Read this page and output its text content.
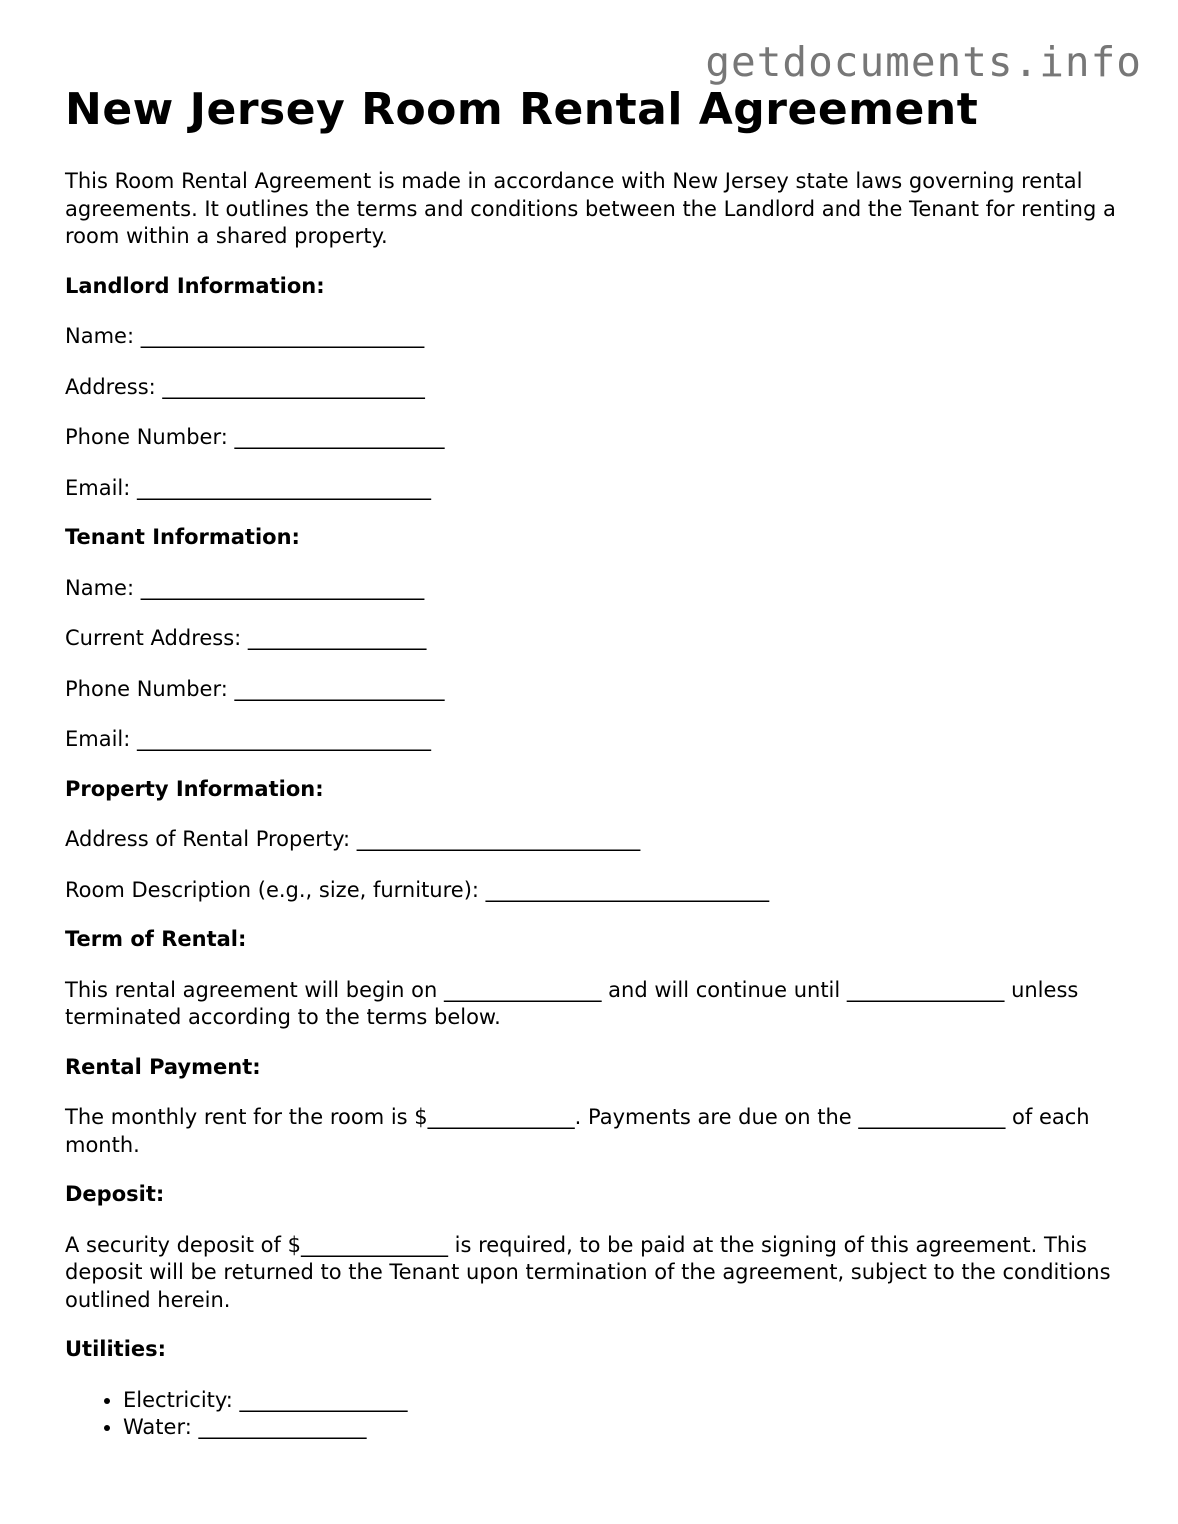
getdocuments.info
New Jersey Room Rental Agreement

This Room Rental Agreement is made in accordance with New Jersey state laws governing rental agreements. It outlines the terms and conditions between the Landlord and the Tenant for renting a room within a shared property.

Landlord Information:
Name: ___________________________
Address: _________________________
Phone Number: ____________________
Email: ____________________________
Tenant Information:
Name: ___________________________
Current Address: _________________
Phone Number: ____________________
Email: ____________________________
Property Information:
Address of Rental Property: ___________________________
Room Description (e.g., size, furniture): ___________________________
Term of Rental:

This rental agreement will begin on _______________ and will continue until _______________ unless terminated according to the terms below.

Rental Payment:

The monthly rent for the room is $______________. Payments are due on the ______________ of each month.

Deposit:

A security deposit of $______________ is required, to be paid at the signing of this agreement. This deposit will be returned to the Tenant upon termination of the agreement, subject to the conditions outlined herein.

Utilities:
• Electricity: ________________
• Water: ________________
